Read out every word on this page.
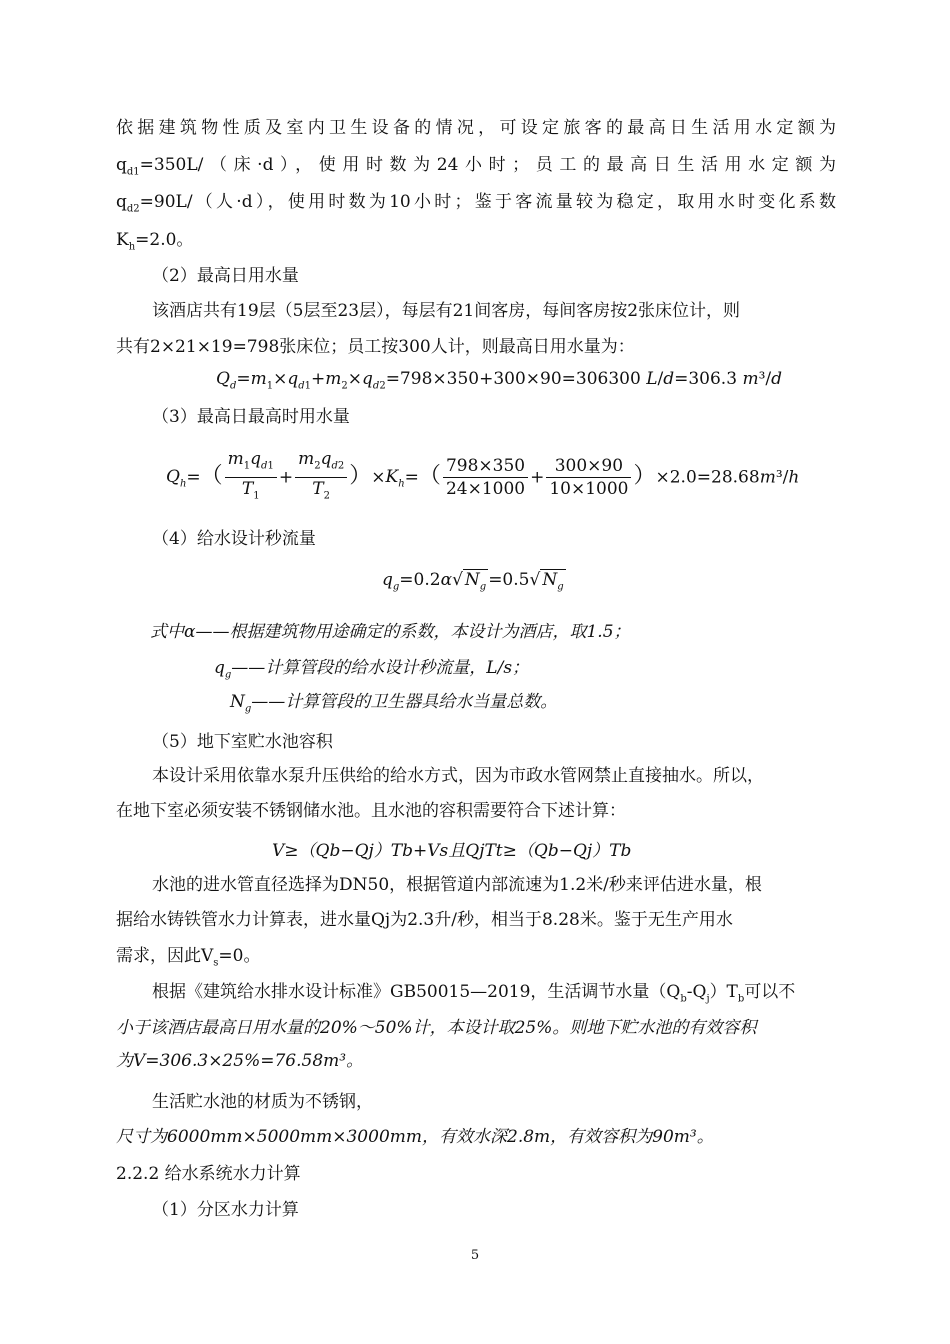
依据建筑物性质及室内卫生设备的情况，可设定旅客的最高日生活用水定额为
$q_{d1}=350L/$（床·d），使用时数为24小时；员工的最高日生活用水定额为
$q_{d2}=90L/$（人·d），使用时数为10小时；鉴于客流量较为稳定，取用水时变化系数
$K_h=2.0$。
（2）最高日用水量
该酒店共有19层（5层至23层），每层有21间客房，每间客房按2张床位计，则
共有2×21×19=798张床位；员工按300人计，则最高日用水量为：
$Q_d=m_1\times q_{d1}+m_2\times q_{d2}=798\times 350+300\times 90=306300$ L/d=306.3 m³/d
（3）最高日最高时用水量
$Q_h=( \frac{m_1q_{d1}}{T_1} + \frac{m_2q_{d2}}{T_2} )\times K_h=( \frac{798\times 350}{24\times 1000} + \frac{300\times 90}{10\times 1000} )\times 2.0=28.68m^3/h$
（4）给水设计秒流量
$q_g=0.2\alpha√$ $N_g =0.5√$ $N_g$
式中α——根据建筑物用途确定的系数，本设计为酒店，取1.5；
$q_g——$计算管段的给水设计秒流量，L/s；
$N_g——$计算管段的卫生器具给水当量总数。
（5）地下室贮水池容积
本设计采用依靠水泵升压供给的给水方式，因为市政水管网禁止直接抽水。所以，
在地下室必须安装不锈钢储水池。且水池的容积需要符合下述计算：
V≥（Qb−Qj）Tb+Vs且QjTt≥（Qb−Qj）Tb
水池的进水管直径选择为DN50，根据管道内部流速为1.2米/秒来评估进水量，根
据给水铸铁管水力计算表，进水量Qj为2.3升/秒，相当于8.28米。鉴于无生产用水
需求，因此$V_s=0$。
根据《建筑给水排水设计标准》GB50015—2019，生活调节水量$(Q_b-Q_j)T_b$可以不
小于该酒店最高日用水量的20%～50%计，本设计取25%。则地下贮水池的有效容积
为V=306.3×25%=76.58m³。
生活贮水池的材质为不锈钢，
尺寸为6000mm×5000mm×3000mm，有效水深2.8m，有效容积为90m³。
2.2.2 给水系统水力计算
（1）分区水力计算
5
